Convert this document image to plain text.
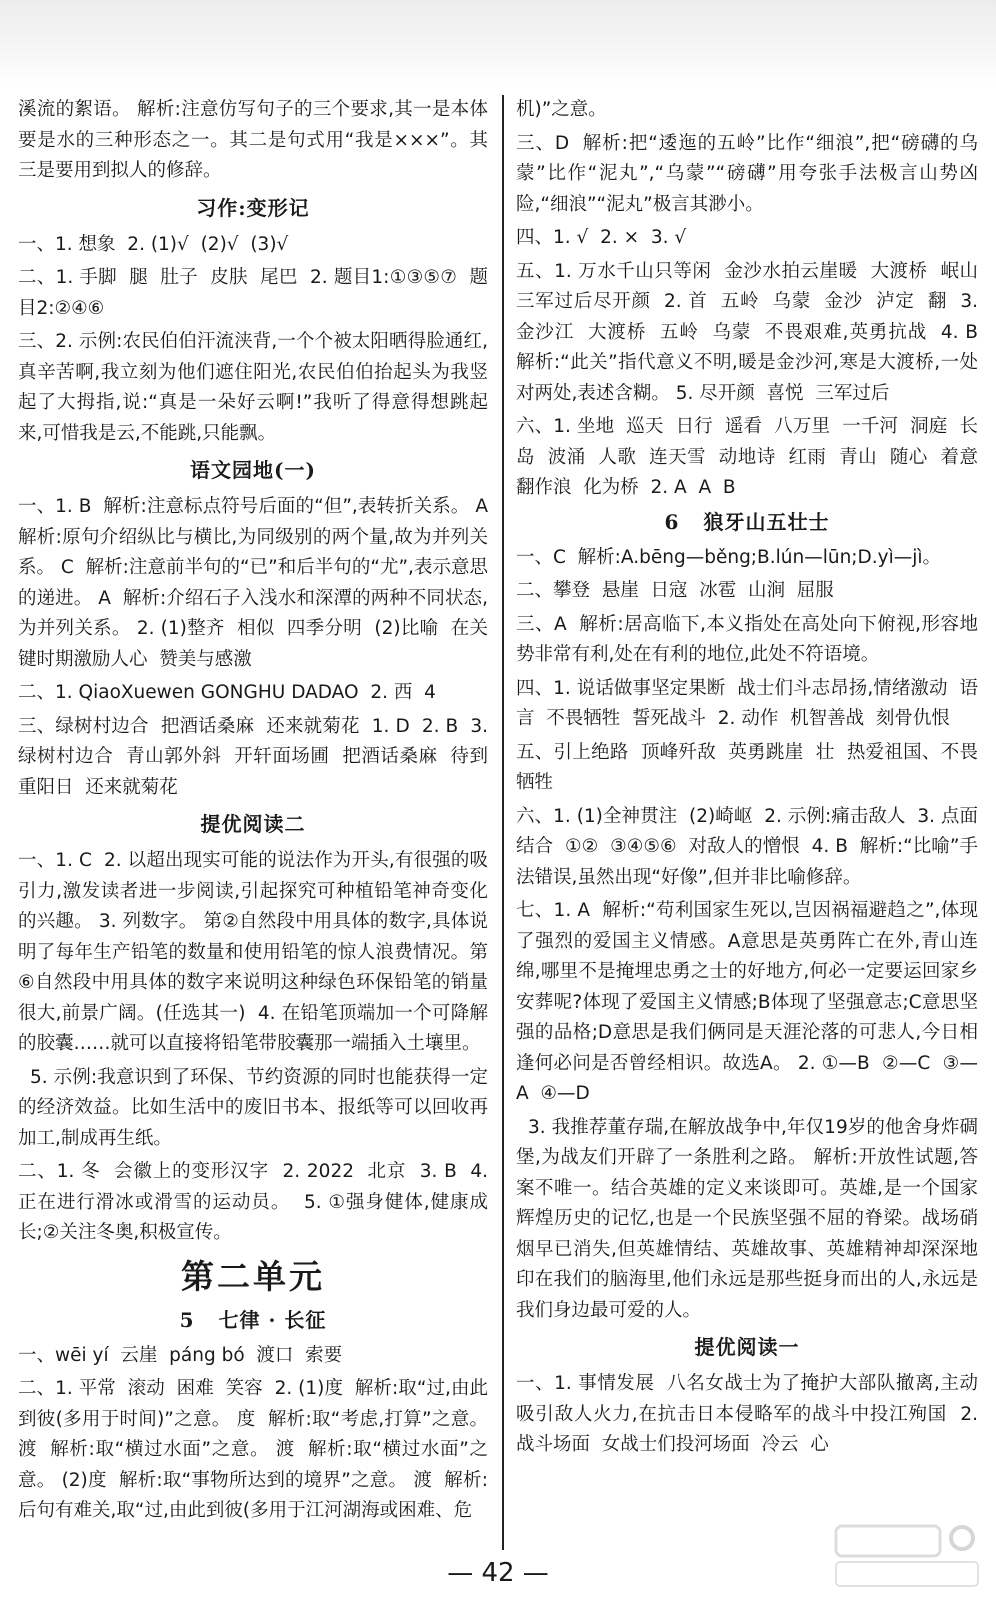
溪流的絮语。 解析:注意仿写句子的三个要求,其一是本体要是水的三种形态之一。其二是句式用“我是×××”。其三是要用到拟人的修辞。

习作:变形记

一、1. 想象  2. (1)√  (2)√  (3)√

二、1. 手脚  腿  肚子  皮肤  尾巴  2. 题目1:①③⑤⑦  题目2:②④⑥

三、2. 示例:农民伯伯汗流浃背,一个个被太阳晒得脸通红,真辛苦啊,我立刻为他们遮住阳光,农民伯伯抬起头为我竖起了大拇指,说:“真是一朵好云啊!”我听了得意得想跳起来,可惜我是云,不能跳,只能飘。

语文园地(一)

一、1. B  解析:注意标点符号后面的“但”,表转折关系。 A  解析:原句介绍纵比与横比,为同级别的两个量,故为并列关系。 C  解析:注意前半句的“已”和后半句的“尤”,表示意思的递进。 A  解析:介绍石子入浅水和深潭的两种不同状态,为并列关系。 2. (1)整齐  相似  四季分明  (2)比喻  在关键时期激励人心  赞美与感激

二、1. QiaoXuewen GONGHU DADAO  2. 西  4

三、绿树村边合  把酒话桑麻  还来就菊花  1. D  2. B  3. 绿树村边合  青山郭外斜  开轩面场圃  把酒话桑麻  待到重阳日  还来就菊花

提优阅读二

一、1. C  2. 以超出现实可能的说法作为开头,有很强的吸引力,激发读者进一步阅读,引起探究可种植铅笔神奇变化的兴趣。 3. 列数字。 第②自然段中用具体的数字,具体说明了每年生产铅笔的数量和使用铅笔的惊人浪费情况。第⑥自然段中用具体的数字来说明这种绿色环保铅笔的销量很大,前景广阔。(任选其一)  4. 在铅笔顶端加一个可降解的胶囊……就可以直接将铅笔带胶囊那一端插入土壤里。

5. 示例:我意识到了环保、节约资源的同时也能获得一定的经济效益。比如生活中的废旧书本、报纸等可以回收再加工,制成再生纸。

二、1. 冬  会徽上的变形汉字  2. 2022  北京  3. B  4. 正在进行滑冰或滑雪的运动员。  5. ①强身健体,健康成长;②关注冬奥,积极宣传。

第二单元
5 七律 · 长征

一、wēi yí  云崖  páng bó  渡口  索要

二、1. 平常  滚动  困难  笑容  2. (1)度  解析:取“过,由此到彼(多用于时间)”之意。 度  解析:取“考虑,打算”之意。 渡  解析:取“横过水面”之意。 渡  解析:取“横过水面”之意。 (2)度  解析:取“事物所达到的境界”之意。 渡  解析:后句有难关,取“过,由此到彼(多用于江河湖海或困难、危

机)”之意。

三、D  解析:把“逶迤的五岭”比作“细浪”,把“磅礴的乌蒙”比作“泥丸”,“乌蒙”“磅礴”用夸张手法极言山势凶险,“细浪”“泥丸”极言其渺小。

四、1. √  2. ×  3. √

五、1. 万水千山只等闲  金沙水拍云崖暖  大渡桥  岷山  三军过后尽开颜  2. 首  五岭  乌蒙  金沙  泸定  翻  3. 金沙江  大渡桥  五岭  乌蒙  不畏艰难,英勇抗战  4. B  解析:“此关”指代意义不明,暖是金沙河,寒是大渡桥,一处对两处,表述含糊。 5. 尽开颜  喜悦  三军过后

六、1. 坐地  巡天  日行  遥看  八万里  一千河  洞庭  长岛  波涌  人歌  连天雪  动地诗  红雨  青山  随心  着意  翻作浪  化为桥  2. A  A  B

6 狼牙山五壮士

一、C  解析:A.bēng—běng;B.lún—lūn;D.yì—jì。

二、攀登  悬崖  日寇  冰雹  山涧  屈服

三、A  解析:居高临下,本义指处在高处向下俯视,形容地势非常有利,处在有利的地位,此处不符语境。

四、1. 说话做事坚定果断  战士们斗志昂扬,情绪激动  语言  不畏牺牲  誓死战斗  2. 动作  机智善战  刻骨仇恨

五、引上绝路  顶峰歼敌  英勇跳崖  壮  热爱祖国、不畏牺牲

六、1. (1)全神贯注  (2)崎岖  2. 示例:痛击敌人  3. 点面结合  ①②  ③④⑤⑥  对敌人的憎恨  4. B  解析:“比喻”手法错误,虽然出现“好像”,但并非比喻修辞。

七、1. A  解析:“苟利国家生死以,岂因祸福避趋之”,体现了强烈的爱国主义情感。A意思是英勇阵亡在外,青山连绵,哪里不是掩埋忠勇之士的好地方,何必一定要运回家乡安葬呢?体现了爱国主义情感;B体现了坚强意志;C意思坚强的品格;D意思是我们俩同是天涯沦落的可悲人,今日相逢何必问是否曾经相识。故选A。 2. ①—B  ②—C  ③—A  ④—D

3. 我推荐董存瑞,在解放战争中,年仅19岁的他舍身炸碉堡,为战友们开辟了一条胜利之路。 解析:开放性试题,答案不唯一。结合英雄的定义来谈即可。英雄,是一个国家辉煌历史的记忆,也是一个民族坚强不屈的脊梁。战场硝烟早已消失,但英雄情结、英雄故事、英雄精神却深深地印在我们的脑海里,他们永远是那些挺身而出的人,永远是我们身边最可爱的人。

提优阅读一

一、1. 事情发展  八名女战士为了掩护大部队撤离,主动吸引敌人火力,在抗击日本侵略军的战斗中投江殉国  2. 战斗场面  女战士们投河场面  冷云  心

— 42 —
